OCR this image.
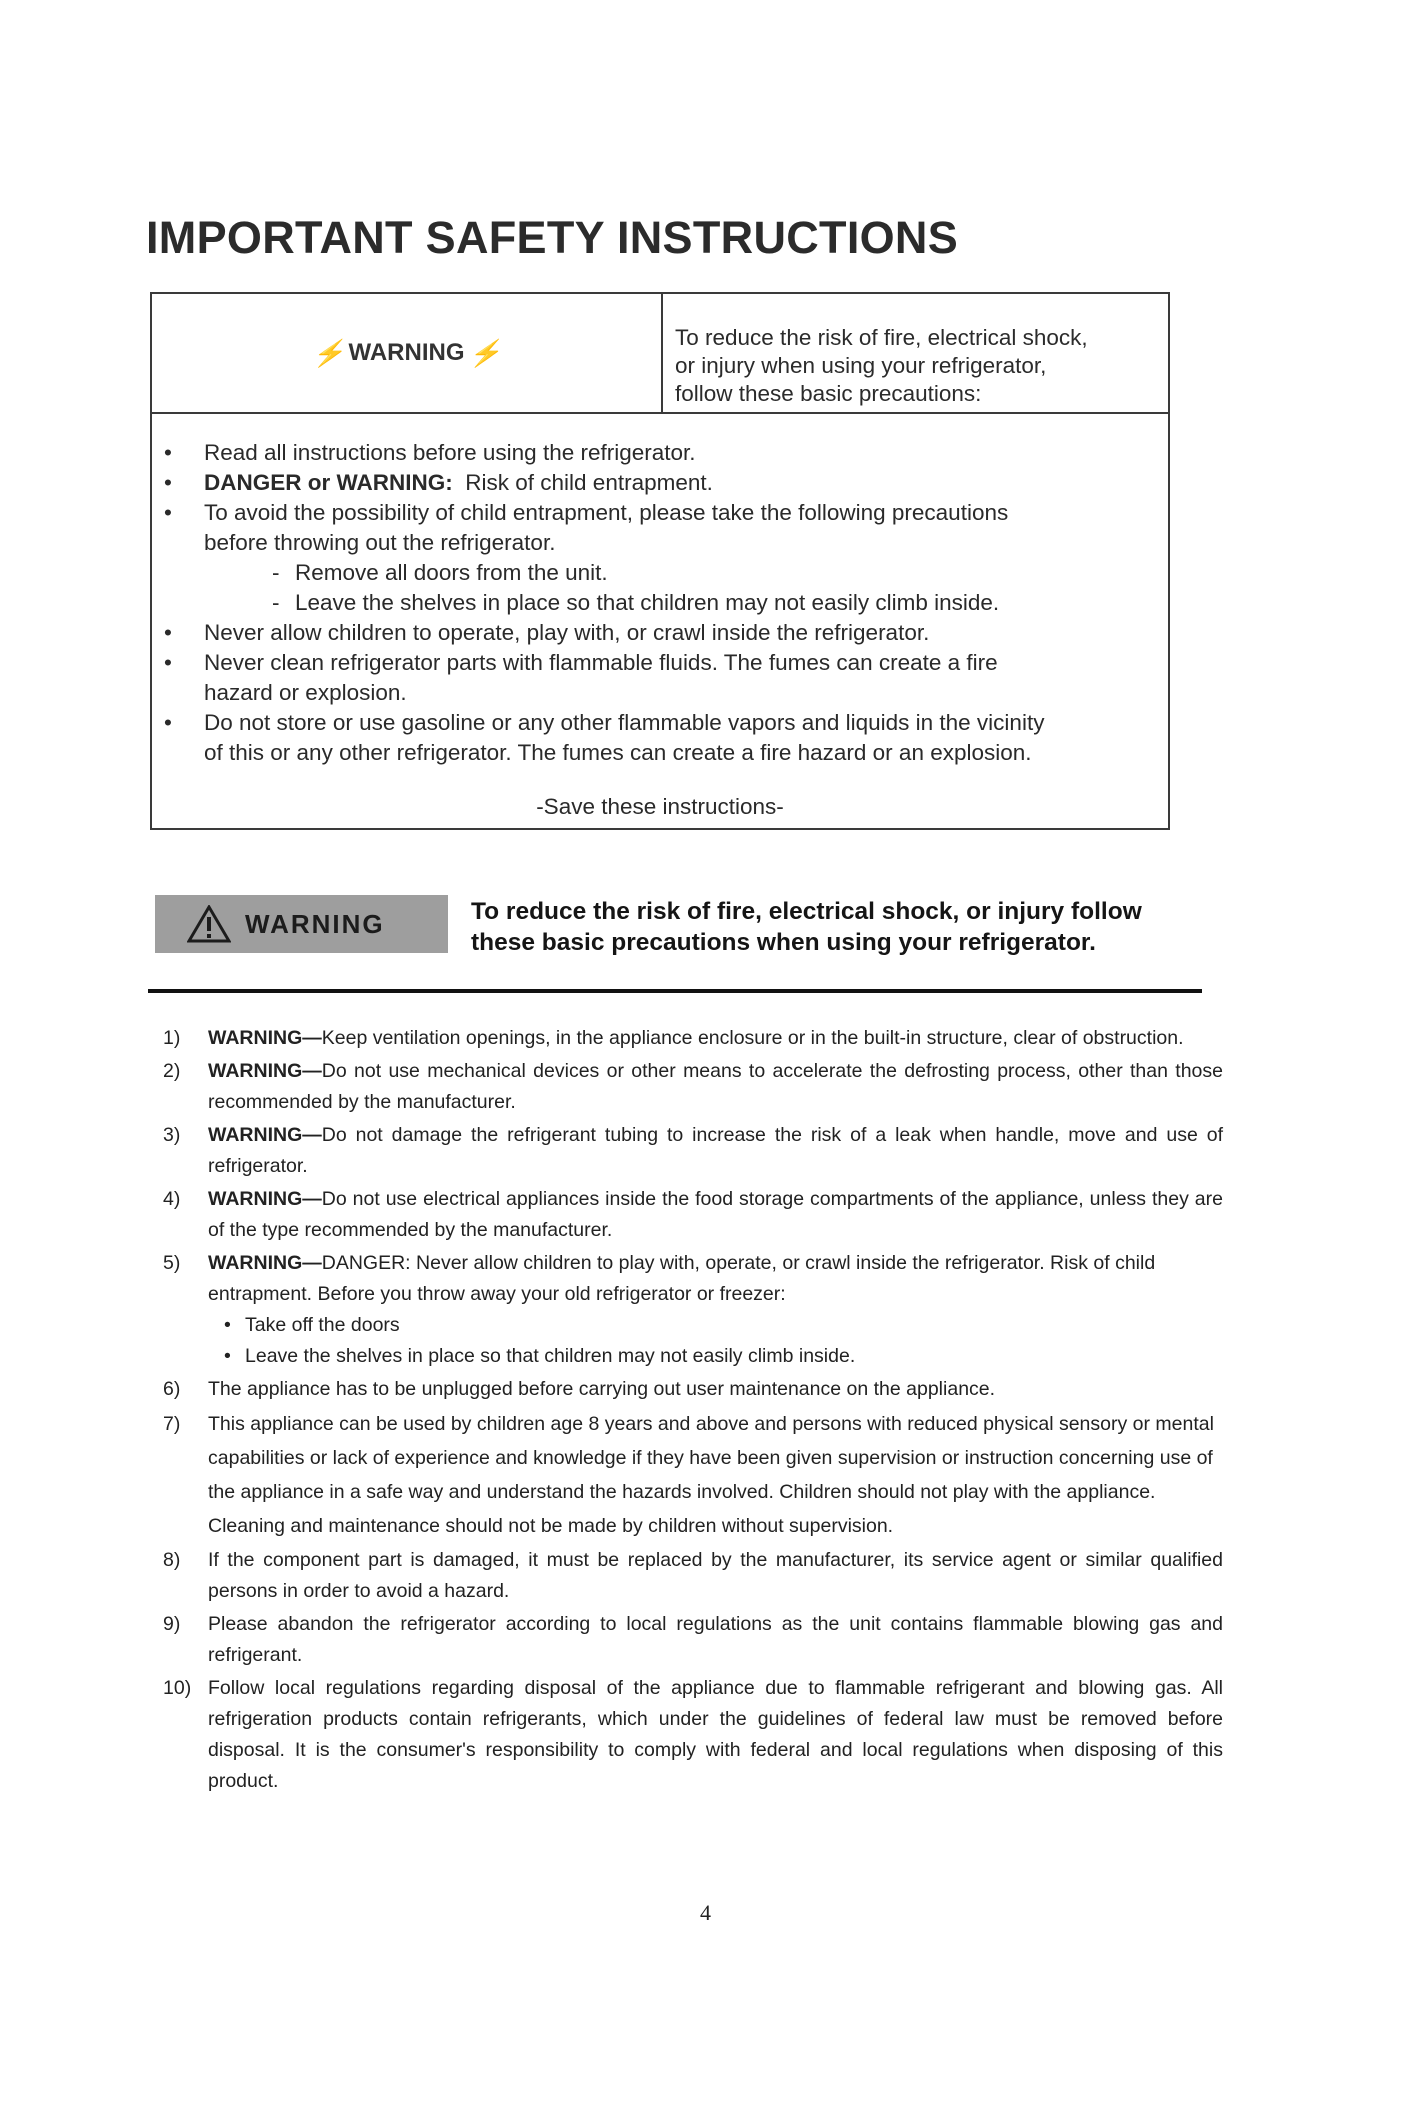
IMPORTANT SAFETY INSTRUCTIONS
⚡ WARNING ⚡	To reduce the risk of fire, electrical shock,
or injury when using your refrigerator,
follow these basic precautions:
• Read all instructions before using the refrigerator.
• DANGER or WARNING: Risk of child entrapment.
• To avoid the possibility of child entrapment, please take the following precautions
before throwing out the refrigerator.
- Remove all doors from the unit.
- Leave the shelves in place so that children may not easily climb inside.
• Never allow children to operate, play with, or crawl inside the refrigerator.
• Never clean refrigerator parts with flammable fluids. The fumes can create a fire
hazard or explosion.
• Do not store or use gasoline or any other flammable vapors and liquids in the vicinity
of this or any other refrigerator. The fumes can create a fire hazard or an explosion.
-Save these instructions-
WARNING	To reduce the risk of fire, electrical shock, or injury follow these basic precautions when using your refrigerator.
1) WARNING—Keep ventilation openings, in the appliance enclosure or in the built-in structure, clear of obstruction.
2) WARNING—Do not use mechanical devices or other means to accelerate the defrosting process, other than those recommended by the manufacturer.
3) WARNING—Do not damage the refrigerant tubing to increase the risk of a leak when handle, move and use of refrigerator.
4) WARNING—Do not use electrical appliances inside the food storage compartments of the appliance, unless they are of the type recommended by the manufacturer.
5) WARNING—DANGER: Never allow children to play with, operate, or crawl inside the refrigerator. Risk of child entrapment. Before you throw away your old refrigerator or freezer:
• Take off the doors
• Leave the shelves in place so that children may not easily climb inside.
6) The appliance has to be unplugged before carrying out user maintenance on the appliance.
7) This appliance can be used by children age 8 years and above and persons with reduced physical sensory or mental capabilities or lack of experience and knowledge if they have been given supervision or instruction concerning use of the appliance in a safe way and understand the hazards involved. Children should not play with the appliance. Cleaning and maintenance should not be made by children without supervision.
8) If the component part is damaged, it must be replaced by the manufacturer, its service agent or similar qualified persons in order to avoid a hazard.
9) Please abandon the refrigerator according to local regulations as the unit contains flammable blowing gas and refrigerant.
10) Follow local regulations regarding disposal of the appliance due to flammable refrigerant and blowing gas. All refrigeration products contain refrigerants, which under the guidelines of federal law must be removed before disposal. It is the consumer's responsibility to comply with federal and local regulations when disposing of this product.
4
